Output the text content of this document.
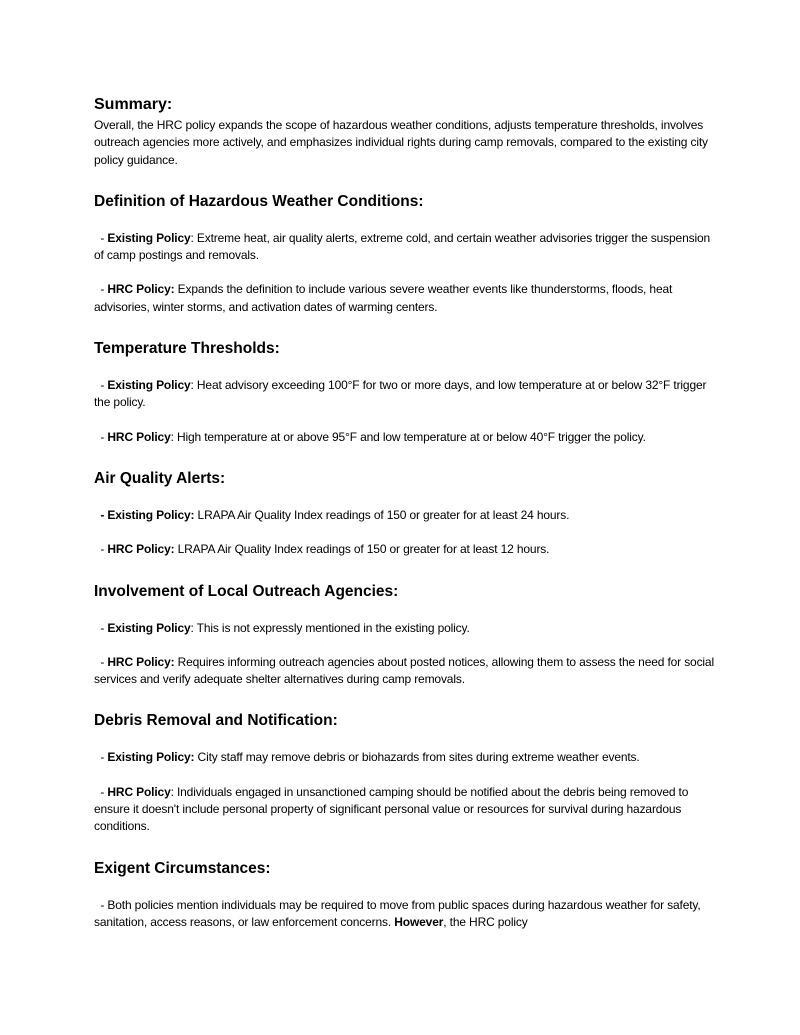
Summary:

Overall, the HRC policy expands the scope of hazardous weather conditions, adjusts temperature thresholds, involves outreach agencies more actively, and emphasizes individual rights during camp removals, compared to the existing city policy guidance.

Definition of Hazardous Weather Conditions:

- Existing Policy: Extreme heat, air quality alerts, extreme cold, and certain weather advisories trigger the suspension of camp postings and removals.

- HRC Policy: Expands the definition to include various severe weather events like thunderstorms, floods, heat advisories, winter storms, and activation dates of warming centers.

Temperature Thresholds:

- Existing Policy: Heat advisory exceeding 100°F for two or more days, and low temperature at or below 32°F trigger the policy.

- HRC Policy: High temperature at or above 95°F and low temperature at or below 40°F trigger the policy.

Air Quality Alerts:

- Existing Policy: LRAPA Air Quality Index readings of 150 or greater for at least 24 hours.

- HRC Policy: LRAPA Air Quality Index readings of 150 or greater for at least 12 hours.

Involvement of Local Outreach Agencies:

- Existing Policy: This is not expressly mentioned in the existing policy.

- HRC Policy: Requires informing outreach agencies about posted notices, allowing them to assess the need for social services and verify adequate shelter alternatives during camp removals.

Debris Removal and Notification:

- Existing Policy: City staff may remove debris or biohazards from sites during extreme weather events.

- HRC Policy: Individuals engaged in unsanctioned camping should be notified about the debris being removed to ensure it doesn't include personal property of significant personal value or resources for survival during hazardous conditions.

Exigent Circumstances:

- Both policies mention individuals may be required to move from public spaces during hazardous weather for safety, sanitation, access reasons, or law enforcement concerns. However, the HRC policy
